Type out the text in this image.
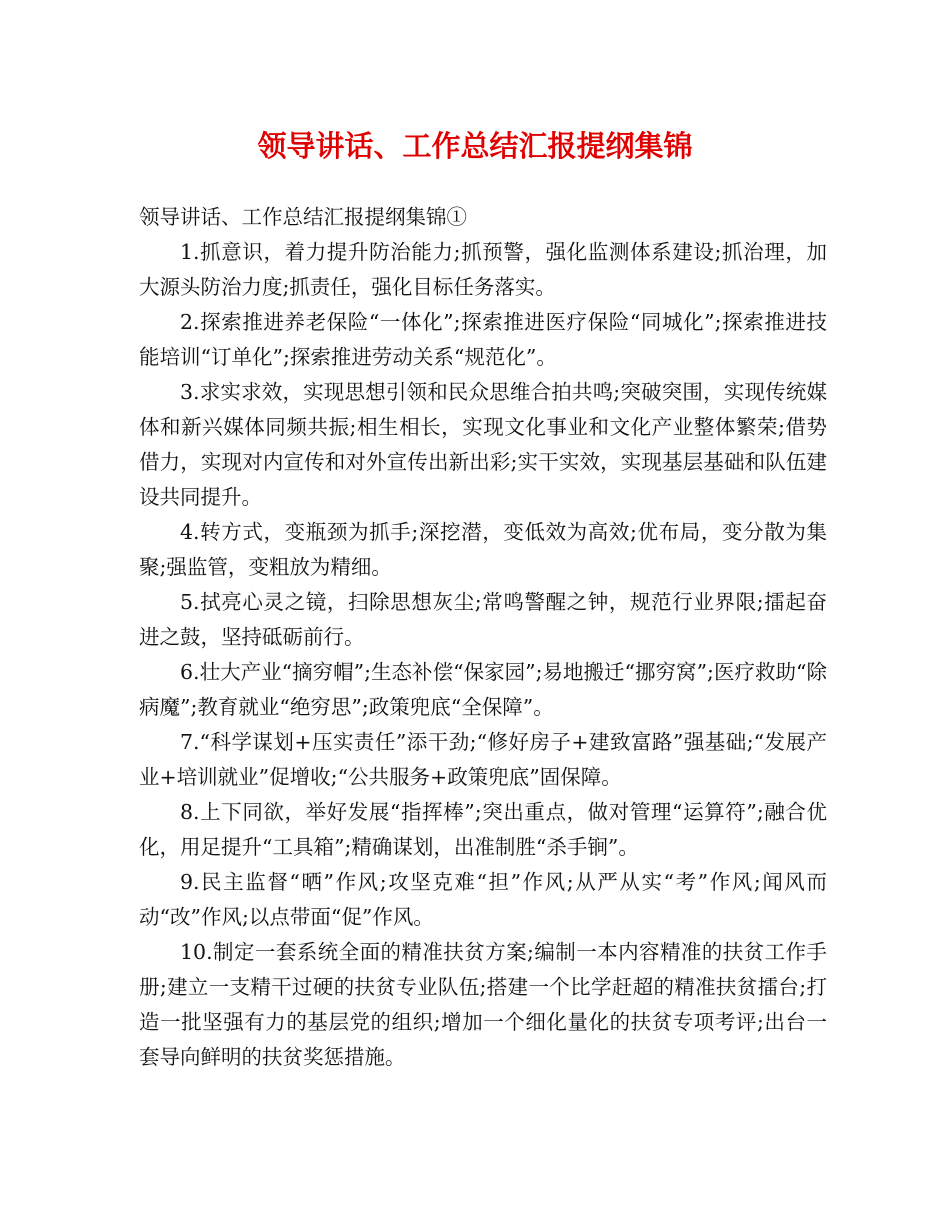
领导讲话、工作总结汇报提纲集锦

领导讲话、工作总结汇报提纲集锦①

1.抓意识，着力提升防治能力;抓预警，强化监测体系建设;抓治理，加大源头防治力度;抓责任，强化目标任务落实。

2.探索推进养老保险“一体化”;探索推进医疗保险“同城化”;探索推进技能培训“订单化”;探索推进劳动关系“规范化”。

3.求实求效，实现思想引领和民众思维合拍共鸣;突破突围，实现传统媒体和新兴媒体同频共振;相生相长，实现文化事业和文化产业整体繁荣;借势借力，实现对内宣传和对外宣传出新出彩;实干实效，实现基层基础和队伍建设共同提升。

4.转方式，变瓶颈为抓手;深挖潜，变低效为高效;优布局，变分散为集聚;强监管，变粗放为精细。

5.拭亮心灵之镜，扫除思想灰尘;常鸣警醒之钟，规范行业界限;擂起奋进之鼓，坚持砥砺前行。

6.壮大产业“摘穷帽”;生态补偿“保家园”;易地搬迁“挪穷窝”;医疗救助“除病魔”;教育就业“绝穷思”;政策兜底“全保障”。

7.“科学谋划+压实责任”添干劲;“修好房子+建致富路”强基础;“发展产业+培训就业”促增收;“公共服务+政策兜底”固保障。

8.上下同欲，举好发展“指挥棒”;突出重点，做对管理“运算符”;融合优化，用足提升“工具箱”;精确谋划，出准制胜“杀手锏”。

9.民主监督“晒”作风;攻坚克难“担”作风;从严从实“考”作风;闻风而动“改”作风;以点带面“促”作风。

10.制定一套系统全面的精准扶贫方案;编制一本内容精准的扶贫工作手册;建立一支精干过硬的扶贫专业队伍;搭建一个比学赶超的精准扶贫擂台;打造一批坚强有力的基层党的组织;增加一个细化量化的扶贫专项考评;出台一套导向鲜明的扶贫奖惩措施。
